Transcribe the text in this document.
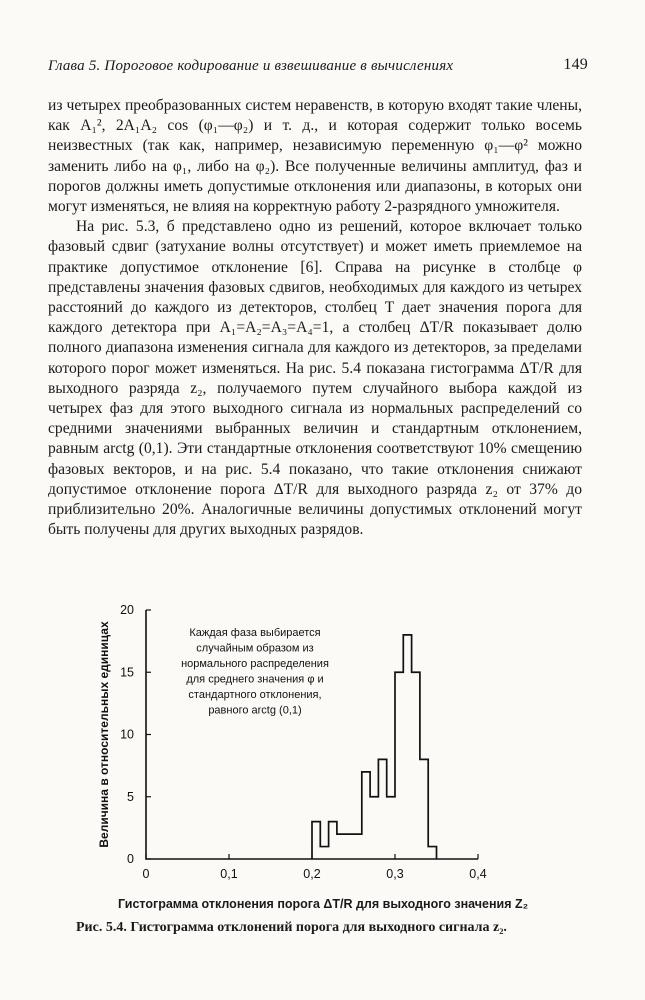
Глава 5. Пороговое кодирование и взвешивание в вычислениях	149

из четырех преобразованных систем неравенств, в которую входят такие члены, как A₁², 2A₁A₂ cos (φ₁—φ₂) и т. д., и которая содержит только восемь неизвестных (так как, например, независимую переменную φ₁—φ² можно заменить либо на φ₁, либо на φ₂). Все полученные величины амплитуд, фаз и порогов должны иметь допустимые отклонения или диапазоны, в которых они могут изменяться, не влияя на корректную работу 2-разрядного умножителя.

На рис. 5.3, б представлено одно из решений, которое включает только фазовый сдвиг (затухание волны отсутствует) и может иметь приемлемое на практике допустимое отклонение [6]. Справа на рисунке в столбце φ представлены значения фазовых сдвигов, необходимых для каждого из четырех расстояний до каждого из детекторов, столбец T дает значения порога для каждого детектора при A₁=A₂=A₃=A₄=1, а столбец ΔT/R показывает долю полного диапазона изменения сигнала для каждого из детекторов, за пределами которого порог может изменяться. На рис. 5.4 показана гистограмма ΔT/R для выходного разряда z₂, получаемого путем случайного выбора каждой из четырех фаз для этого выходного сигнала из нормальных распределений со средними значениями выбранных величин и стандартным отклонением, равным arctg (0,1). Эти стандартные отклонения соответствуют 10% смещению фазовых векторов, и на рис. 5.4 показано, что такие отклонения снижают допустимое отклонение порога ΔT/R для выходного разряда z₂ от 37% до приблизительно 20%. Аналогичные величины допустимых отклонений могут быть получены для других выходных разрядов.

0
5
10
15
20
0	0,1	0,2	0,3	0,4
Величина в относительных единицах	Каждая фаза выбирается
случайным образом из
нормального распределения
для среднего значения φ и
стандартного отклонения,
равного arctg (0,1)
Гистограмма отклонения порога ΔT/R для выходного значения Z₂
Рис. 5.4. Гистограмма отклонений порога для выходного сигнала z₂.
